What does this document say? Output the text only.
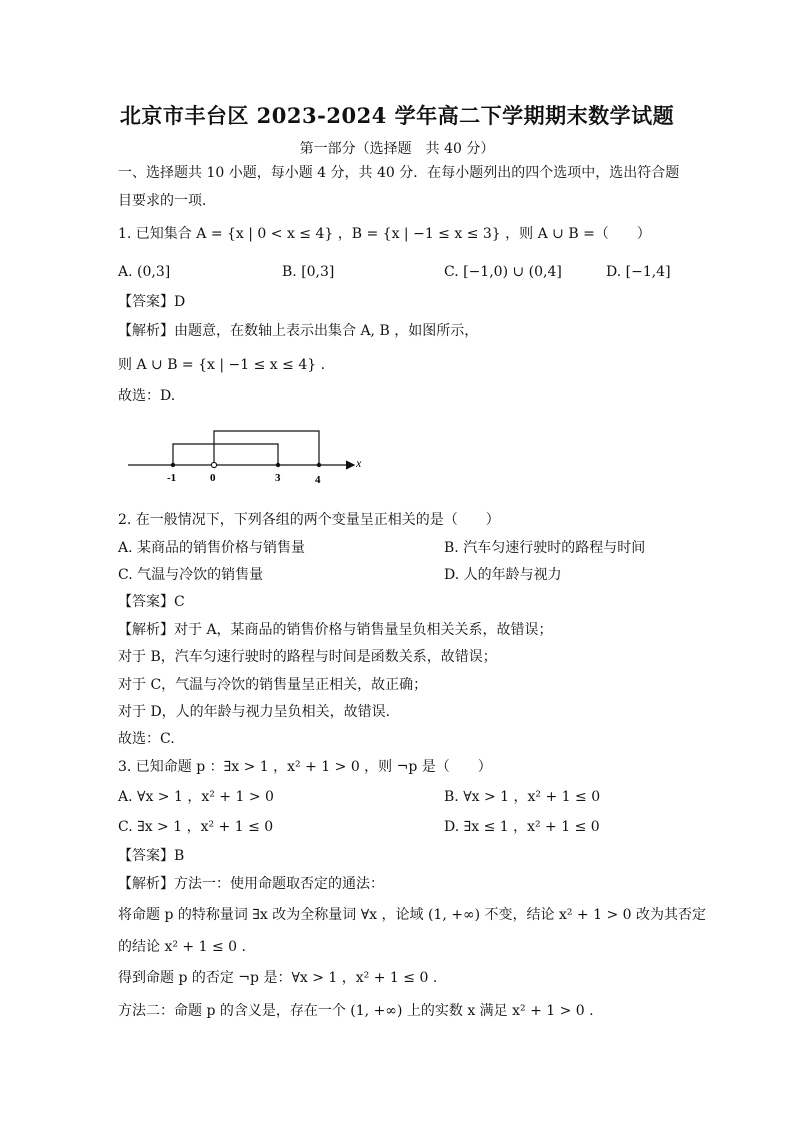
北京市丰台区 2023-2024 学年高二下学期期末数学试题
第一部分（选择题　共 40 分）
一、选择题共 10 小题，每小题 4 分，共 40 分．在每小题列出的四个选项中，选出符合题
目要求的一项．
1. 已知集合 A = {x | 0 < x ≤ 4} ，B = {x | −1 ≤ x ≤ 3} ，则 A ∪ B =（　　）
A. (0,3]	B. [0,3]	C. [−1,0) ∪ (0,4]	D. [−1,4]
【答案】D
【解析】由题意，在数轴上表示出集合 A, B ，如图所示，
则 A ∪ B = {x | −1 ≤ x ≤ 4} .
故选：D.
-1	0	3	4
x
2. 在一般情况下，下列各组的两个变量呈正相关的是（　　）
A. 某商品的销售价格与销售量	B. 汽车匀速行驶时的路程与时间
C. 气温与冷饮的销售量	D. 人的年龄与视力
【答案】C
【解析】对于 A，某商品的销售价格与销售量呈负相关关系，故错误；
对于 B，汽车匀速行驶时的路程与时间是函数关系，故错误；
对于 C，气温与冷饮的销售量呈正相关，故正确；
对于 D，人的年龄与视力呈负相关，故错误.
故选：C.
3. 已知命题 p ：∃x > 1 ，x² + 1 > 0 ，则 ¬p 是（　　）
A. ∀x > 1 ，x² + 1 > 0	B. ∀x > 1 ，x² + 1 ≤ 0
C. ∃x > 1 ，x² + 1 ≤ 0	D. ∃x ≤ 1 ，x² + 1 ≤ 0
【答案】B
【解析】方法一：使用命题取否定的通法：
将命题 p 的特称量词 ∃x 改为全称量词 ∀x ，论域 (1, +∞) 不变，结论 x² + 1 > 0 改为其否定
的结论 x² + 1 ≤ 0 .
得到命题 p 的否定 ¬p 是：∀x > 1 ，x² + 1 ≤ 0 .
方法二：命题 p 的含义是，存在一个 (1, +∞) 上的实数 x 满足 x² + 1 > 0 .
